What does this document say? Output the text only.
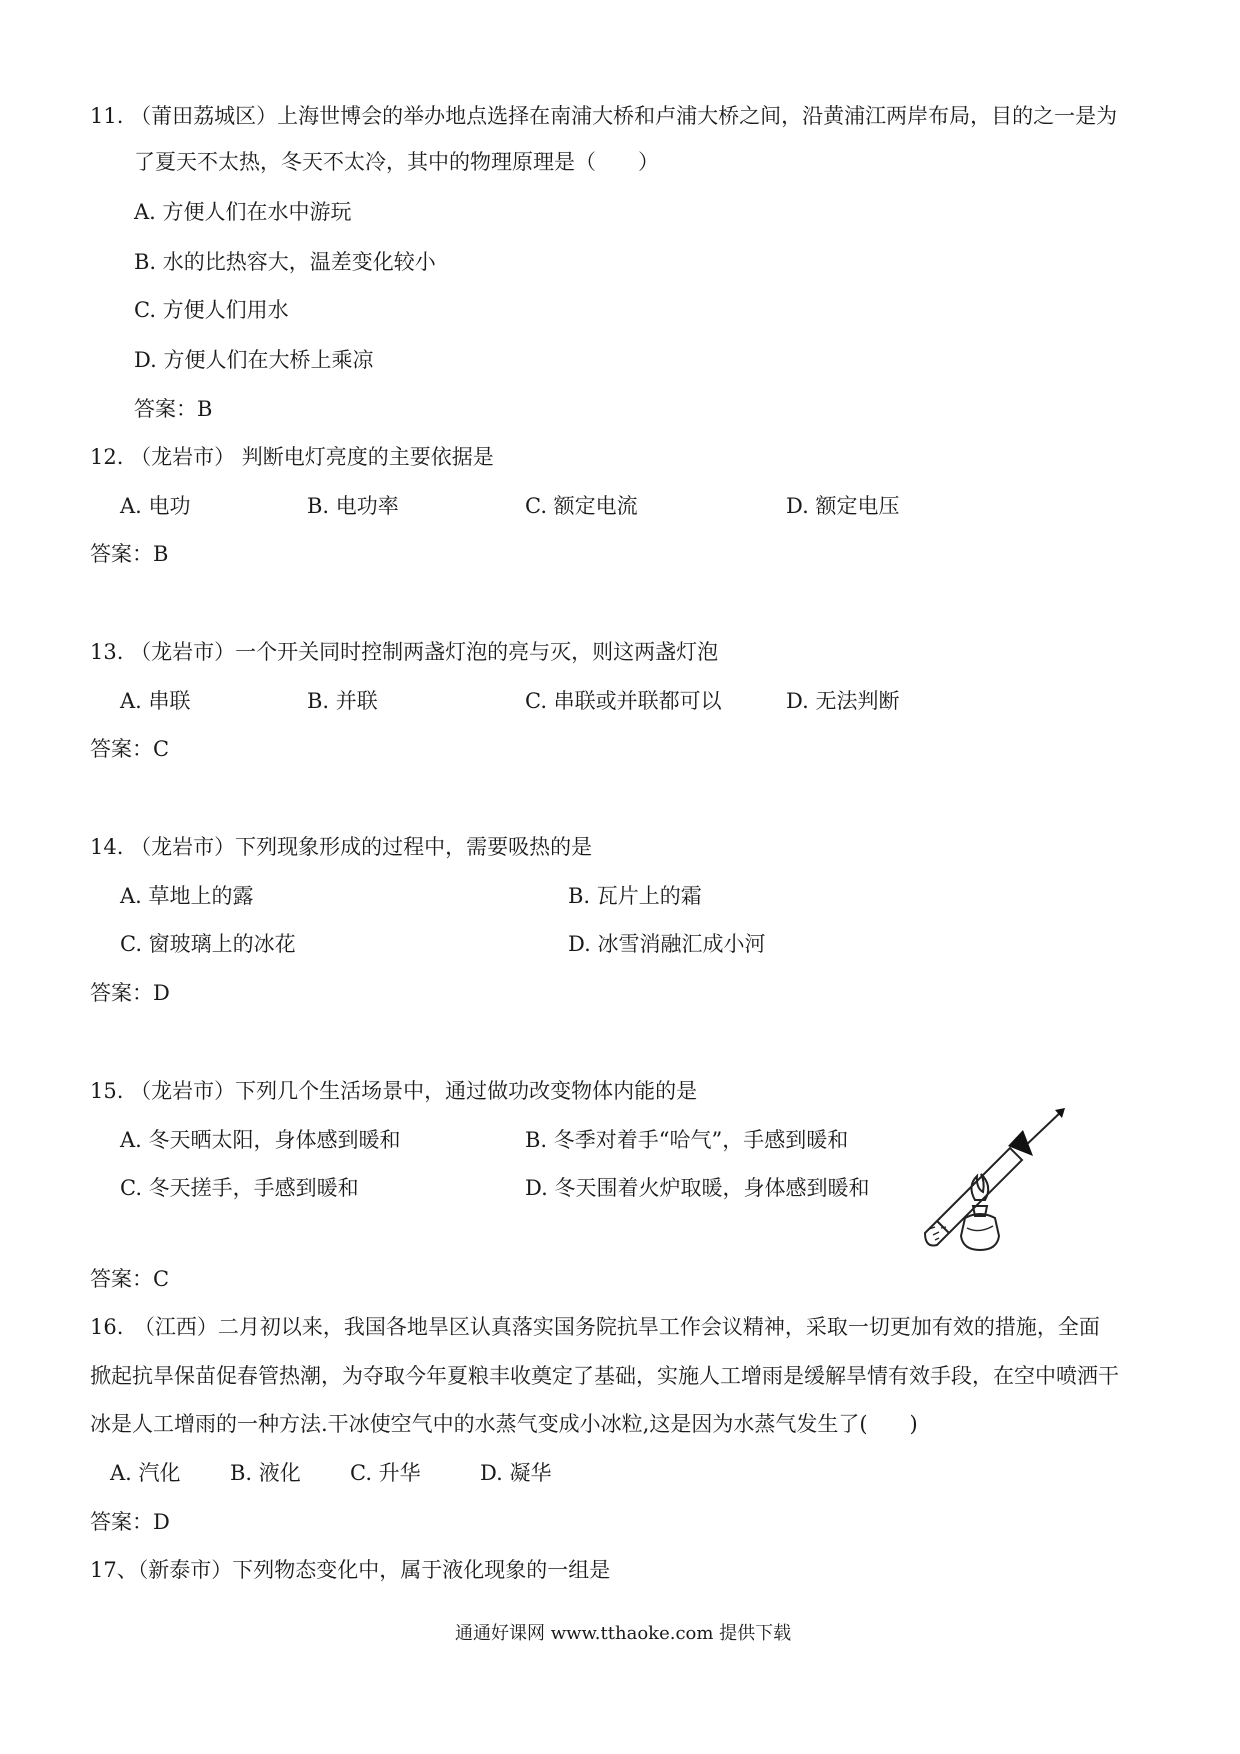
11. （莆田荔城区）上海世博会的举办地点选择在南浦大桥和卢浦大桥之间，沿黄浦江两岸布局，目的之一是为
了夏天不太热，冬天不太冷，其中的物理原理是（　　）
A. 方便人们在水中游玩
B. 水的比热容大，温差变化较小
C. 方便人们用水
D. 方便人们在大桥上乘凉
答案：B
12. （龙岩市） 判断电灯亮度的主要依据是
A. 电功	B. 电功率	C. 额定电流	D. 额定电压
答案：B
13. （龙岩市）一个开关同时控制两盏灯泡的亮与灭，则这两盏灯泡
A. 串联	B. 并联	C. 串联或并联都可以	D. 无法判断
答案：C
14. （龙岩市）下列现象形成的过程中，需要吸热的是
A. 草地上的露	B. 瓦片上的霜
C. 窗玻璃上的冰花	D. 冰雪消融汇成小河
答案：D
15. （龙岩市）下列几个生活场景中，通过做功改变物体内能的是
A. 冬天晒太阳，身体感到暖和	B. 冬季对着手“哈气”，手感到暖和
C. 冬天搓手，手感到暖和	D. 冬天围着火炉取暖，身体感到暖和
答案：C
16.　（江西）二月初以来，我国各地旱区认真落实国务院抗旱工作会议精神，采取一切更加有效的措施，全面
掀起抗旱保苗促春管热潮，为夺取今年夏粮丰收奠定了基础，实施人工增雨是缓解旱情有效手段，在空中喷洒干
冰是人工增雨的一种方法.干冰使空气中的水蒸气变成小冰粒,这是因为水蒸气发生了(　　)
A. 汽化 B. 液化 C. 升华	D. 凝华
答案：D
17、（新泰市）下列物态变化中，属于液化现象的一组是
通通好课网 www.tthaoke.com 提供下载
